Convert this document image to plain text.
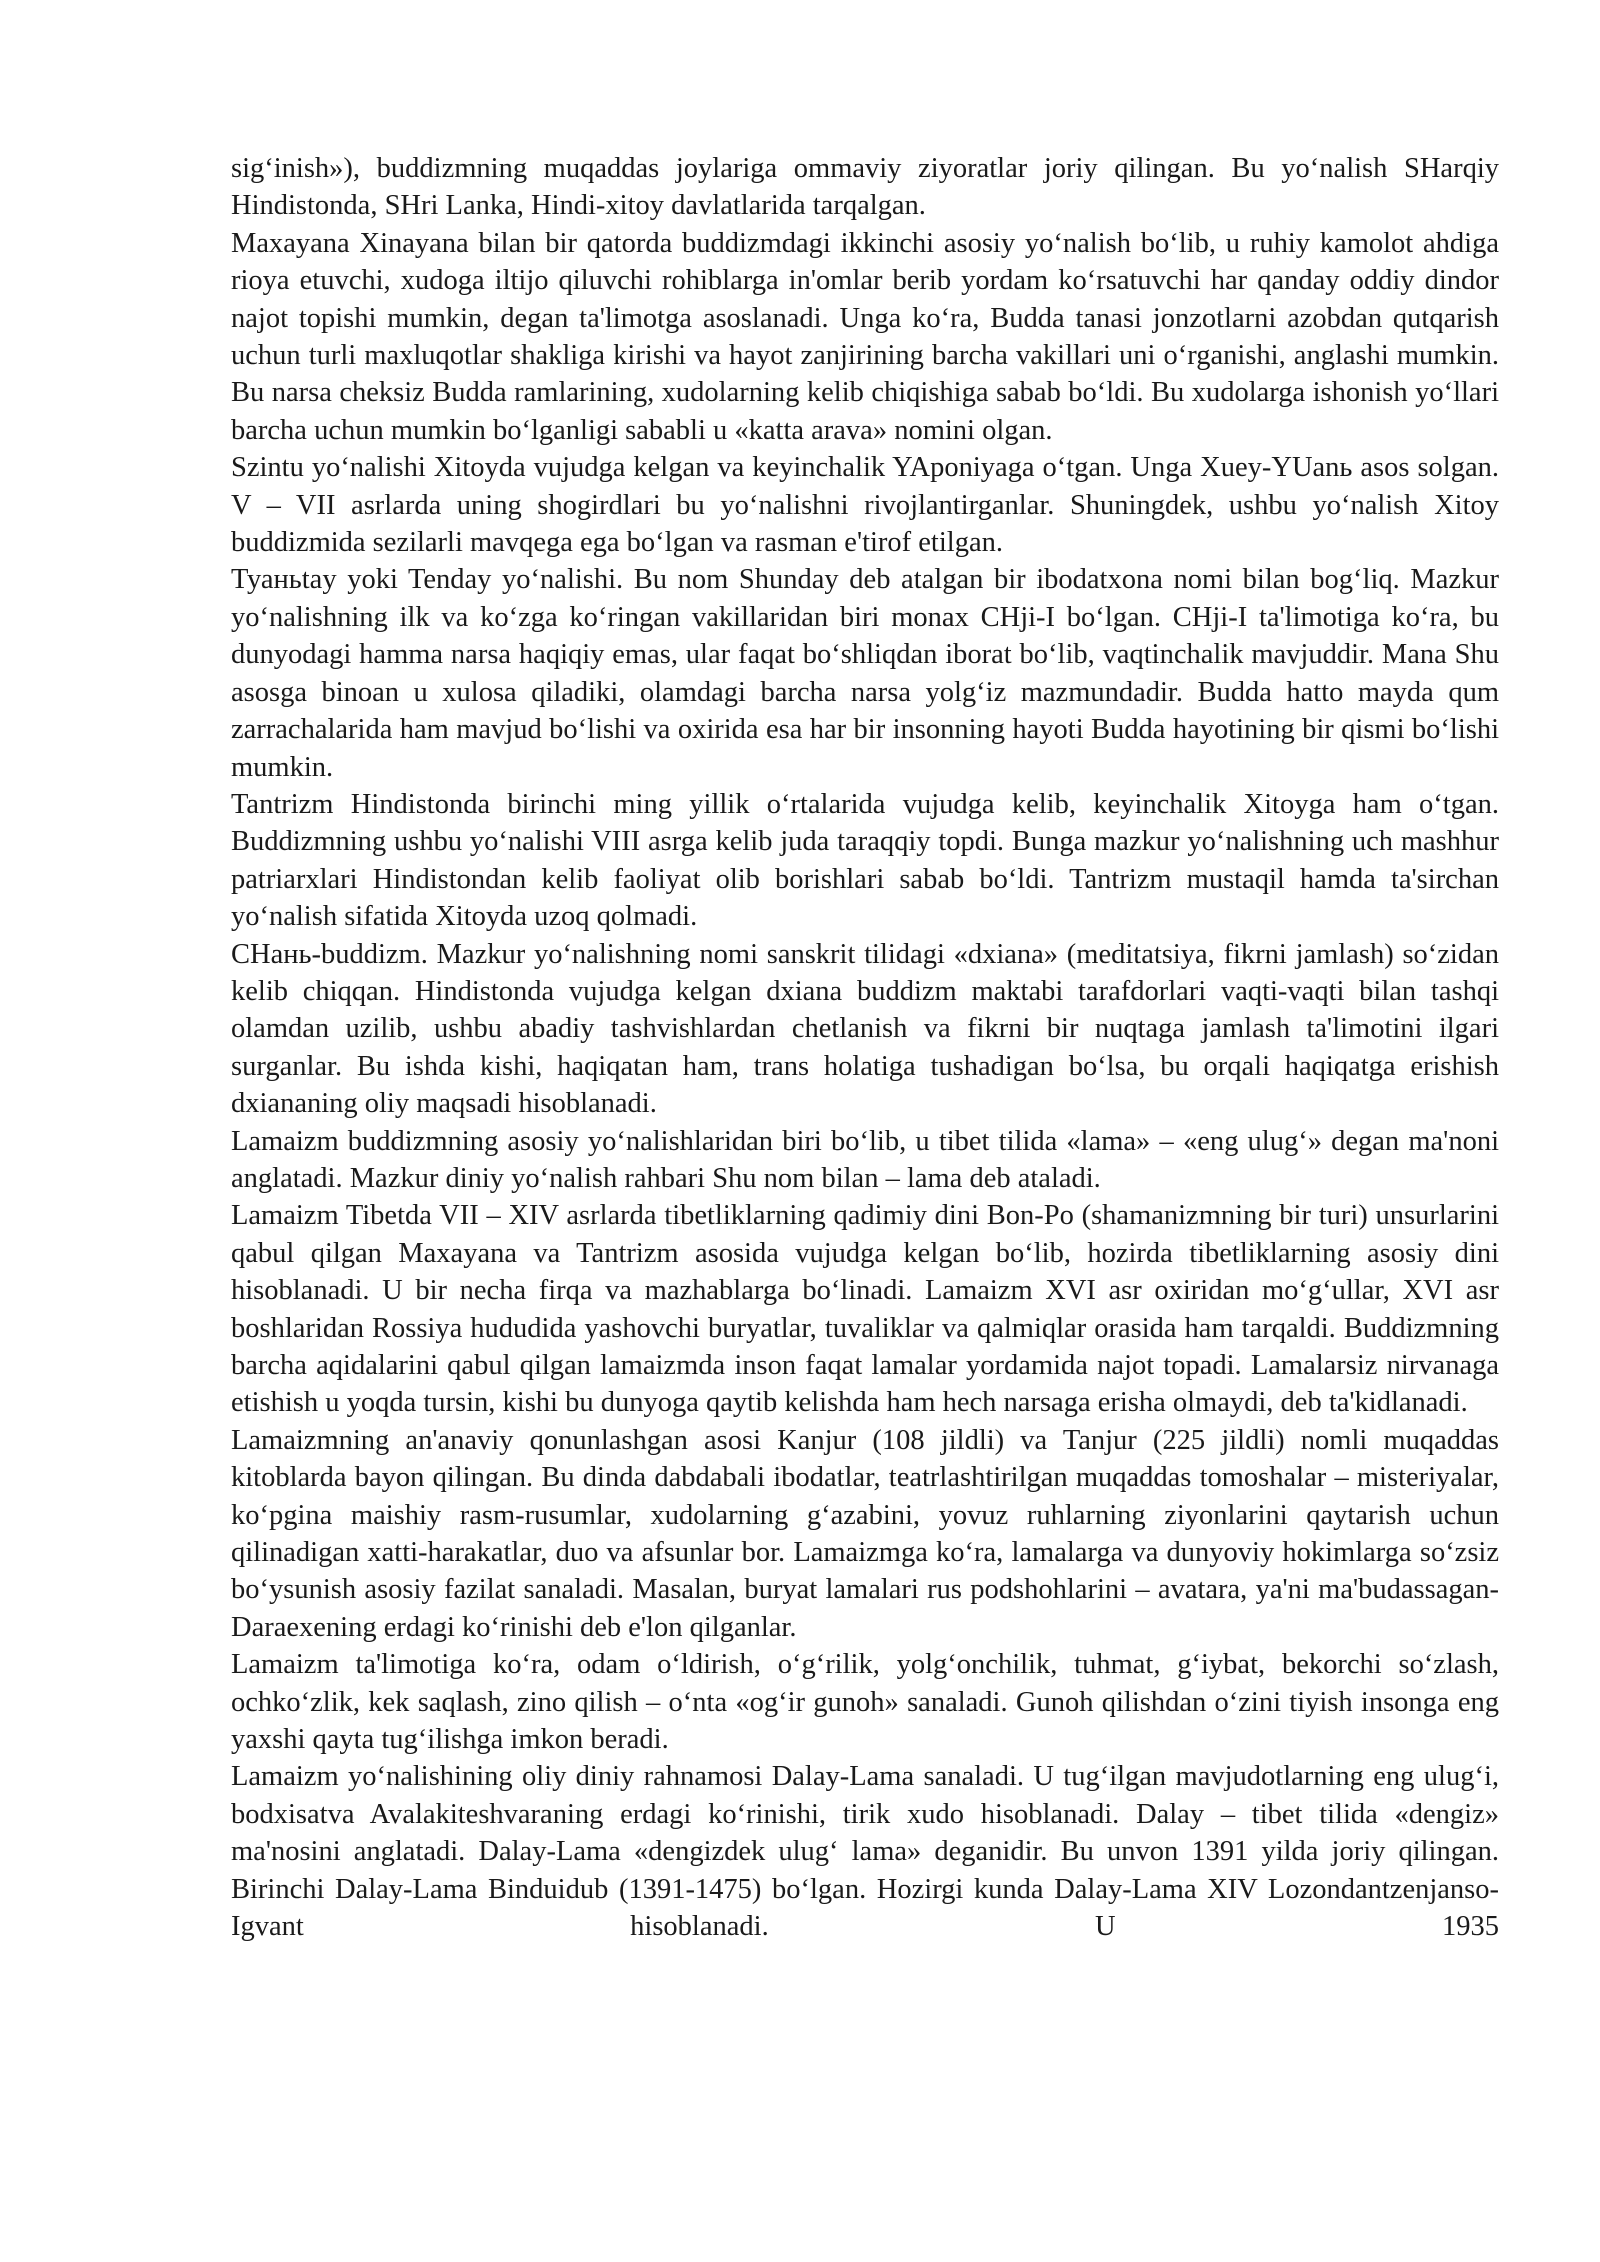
sig‘inish»), buddizmning muqaddas joylariga ommaviy ziyoratlar joriy qilingan. Bu yo‘nalish SHarqiy Hindistonda, SHri Lanka, Hindi-xitoy davlatlarida tarqalgan.

Maxayana Xinayana bilan bir qatorda buddizmdagi ikkinchi asosiy yo‘nalish bo‘lib, u ruhiy kamolot ahdiga rioya etuvchi, xudoga iltijo qiluvchi rohiblarga in'omlar berib yordam ko‘rsatuvchi har qanday oddiy dindor najot topishi mumkin, degan ta'limotga asoslanadi. Unga ko‘ra, Budda tanasi jonzotlarni azobdan qutqarish uchun turli maxluqotlar shakliga kirishi va hayot zanjirining barcha vakillari uni o‘rganishi, anglashi mumkin. Bu narsa cheksiz Budda ramlarining, xudolarning kelib chiqishiga sabab bo‘ldi. Bu xudolarga ishonish yo‘llari barcha uchun mumkin bo‘lganligi sababli u «katta arava» nomini olgan.

Szintu yo‘nalishi Xitoyda vujudga kelgan va keyinchalik YAponiyaga o‘tgan. Unga Xuey-YUanь asos solgan. V – VII asrlarda uning shogirdlari bu yo‘nalishni rivojlantirganlar. Shuningdek, ushbu yo‘nalish Xitoy buddizmida sezilarli mavqega ega bo‘lgan va rasman e'tirof etilgan.

Туаньtay yoki Tenday yo‘nalishi. Bu nom Shunday deb atalgan bir ibodatxona nomi bilan bog‘liq. Mazkur yo‘nalishning ilk va ko‘zga ko‘ringan vakillaridan biri monax CHji-I bo‘lgan. CHji-I ta'limotiga ko‘ra, bu dunyodagi hamma narsa haqiqiy emas, ular faqat bo‘shliqdan iborat bo‘lib, vaqtinchalik mavjuddir. Mana Shu asosga binoan u xulosa qiladiki, olamdagi barcha narsa yolg‘iz mazmundadir. Budda hatto mayda qum zarrachalarida ham mavjud bo‘lishi va oxirida esa har bir insonning hayoti Budda hayotining bir qismi bo‘lishi mumkin.

Tantrizm Hindistonda birinchi ming yillik o‘rtalarida vujudga kelib, keyinchalik Xitoyga ham o‘tgan. Buddizmning ushbu yo‘nalishi VIII asrga kelib juda taraqqiy topdi. Bunga mazkur yo‘nalishning uch mashhur patriarxlari Hindistondan kelib faoliyat olib borishlari sabab bo‘ldi. Tantrizm mustaqil hamda ta'sirchan yo‘nalish sifatida Xitoyda uzoq qolmadi.

СНань-buddizm. Mazkur yo‘nalishning nomi sanskrit tilidagi «dxiana» (meditatsiya, fikrni jamlash) so‘zidan kelib chiqqan. Hindistonda vujudga kelgan dxiana buddizm maktabi tarafdorlari vaqti-vaqti bilan tashqi olamdan uzilib, ushbu abadiy tashvishlardan chetlanish va fikrni bir nuqtaga jamlash ta'limotini ilgari surganlar. Bu ishda kishi, haqiqatan ham, trans holatiga tushadigan bo‘lsa, bu orqali haqiqatga erishish dxiananing oliy maqsadi hisoblanadi.

Lamaizm buddizmning asosiy yo‘nalishlaridan biri bo‘lib, u tibet tilida «lama» – «eng ulug‘» degan ma'noni anglatadi. Mazkur diniy yo‘nalish rahbari Shu nom bilan – lama deb ataladi.

Lamaizm Tibetda VII – XIV asrlarda tibetliklarning qadimiy dini Bon-Po (shamanizmning bir turi) unsurlarini qabul qilgan Maxayana va Tantrizm asosida vujudga kelgan bo‘lib, hozirda tibetliklarning asosiy dini hisoblanadi. U bir necha firqa va mazhablarga bo‘linadi. Lamaizm XVI asr oxiridan mo‘g‘ullar, XVI asr boshlaridan Rossiya hududida yashovchi buryatlar, tuvaliklar va qalmiqlar orasida ham tarqaldi. Buddizmning barcha aqidalarini qabul qilgan lamaizmda inson faqat lamalar yordamida najot topadi. Lamalarsiz nirvanaga etishish u yoqda tursin, kishi bu dunyoga qaytib kelishda ham hech narsaga erisha olmaydi, deb ta'kidlanadi.

Lamaizmning an'anaviy qonunlashgan asosi Kanjur (108 jildli) va Tanjur (225 jildli) nomli muqaddas kitoblarda bayon qilingan. Bu dinda dabdabali ibodatlar, teatrlashtirilgan muqaddas tomoshalar – misteriyalar, ko‘pgina maishiy rasm-rusumlar, xudolarning g‘azabini, yovuz ruhlarning ziyonlarini qaytarish uchun qilinadigan xatti-harakatlar, duo va afsunlar bor. Lamaizmga ko‘ra, lamalarga va dunyoviy hokimlarga so‘zsiz bo‘ysunish asosiy fazilat sanaladi. Masalan, buryat lamalari rus podshohlarini – avatara, ya'ni ma'budassagan-Daraexening erdagi ko‘rinishi deb e'lon qilganlar.

Lamaizm ta'limotiga ko‘ra, odam o‘ldirish, o‘g‘rilik, yolg‘onchilik, tuhmat, g‘iybat, bekorchi so‘zlash, ochko‘zlik, kek saqlash, zino qilish – o‘nta «og‘ir gunoh» sanaladi. Gunoh qilishdan o‘zini tiyish insonga eng yaxshi qayta tug‘ilishga imkon beradi.

Lamaizm yo‘nalishining oliy diniy rahnamosi Dalay-Lama sanaladi. U tug‘ilgan mavjudotlarning eng ulug‘i, bodxisatva Avalakiteshvaraning erdagi ko‘rinishi, tirik xudo hisoblanadi. Dalay – tibet tilida «dengiz» ma'nosini anglatadi. Dalay-Lama «dengizdek ulug‘ lama» deganidir. Bu unvon 1391 yilda joriy qilingan. Birinchi Dalay-Lama Binduidub (1391-1475) bo‘lgan. Hozirgi kunda Dalay-Lama XIV Lozondantzenjanso-Igvant hisoblanadi. U 1935
